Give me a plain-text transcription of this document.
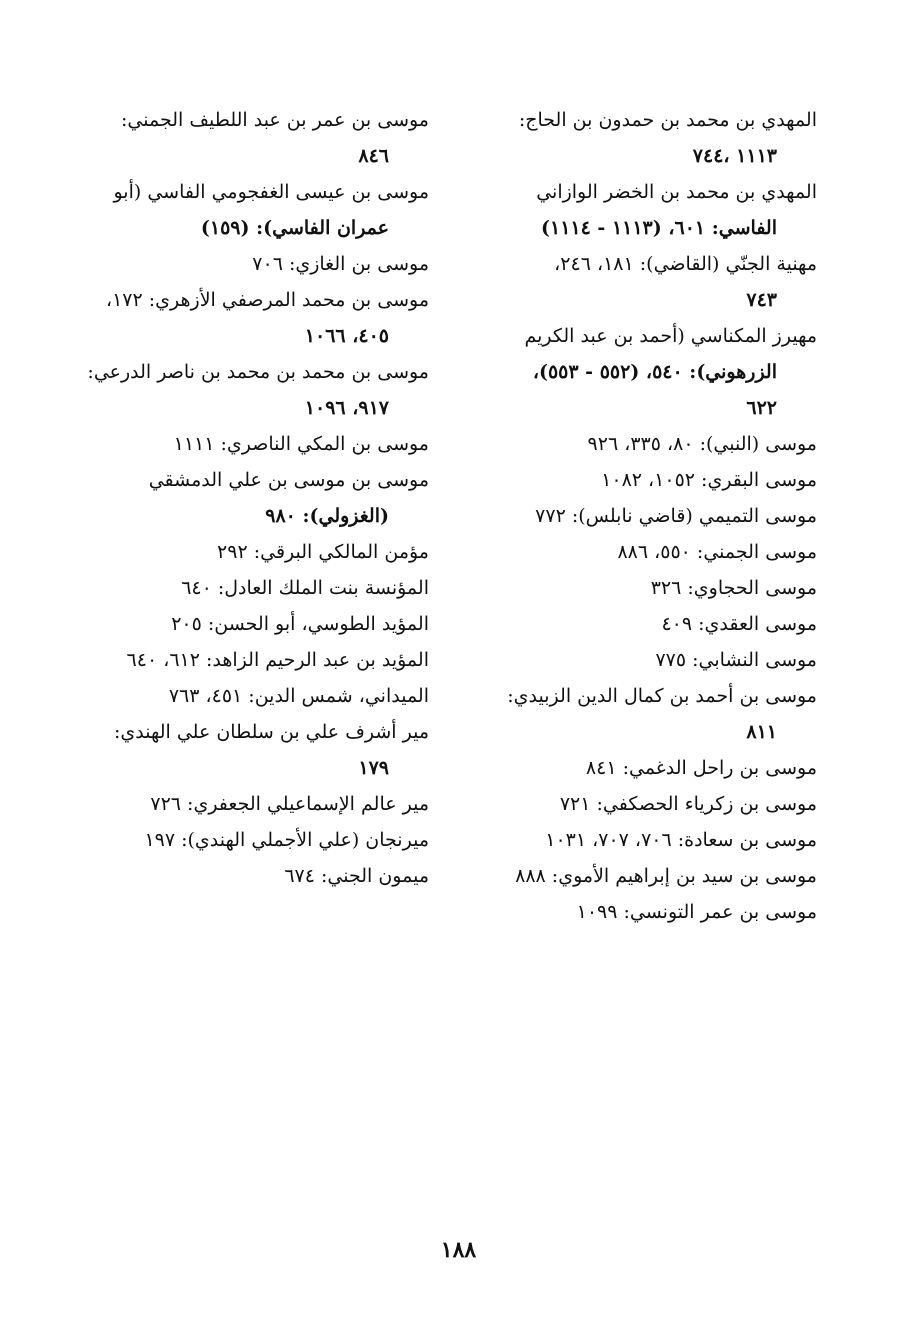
المهدي بن محمد بن حمدون بن الحاج:
١١١٣ ،٧٤٤
المهدي بن محمد بن الخضر الوازاني
الفاسي: ٦٠١، (١١١٣ - ١١١٤)
مهنية الجنّي (القاضي): ١٨١، ٢٤٦،
٧٤٣
مهيرز المكناسي (أحمد بن عبد الكريم
الزرهوني): ٥٤٠، (٥٥٢ - ٥٥٣)،
٦٢٢
موسى (النبي): ٨٠، ٣٣٥، ٩٢٦
موسى البقري: ١٠٥٢، ١٠٨٢
موسى التميمي (قاضي نابلس): ٧٧٢
موسى الجمني: ٥٥٠، ٨٨٦
موسى الحجاوي: ٣٢٦
موسى العقدي: ٤٠٩
موسى النشابي: ٧٧٥
موسى بن أحمد بن كمال الدين الزبيدي:
٨١١
موسى بن راحل الدغمي: ٨٤١
موسى بن زكرياء الحصكفي: ٧٢١
موسى بن سعادة: ٧٠٦، ٧٠٧، ١٠٣١
موسى بن سيد بن إبراهيم الأموي: ٨٨٨
موسى بن عمر التونسي: ١٠٩٩
موسى بن عمر بن عبد اللطيف الجمني:
٨٤٦
موسى بن عيسى الغفجومي الفاسي (أبو
عمران الفاسي): (١٥٩)
موسى بن الغازي: ٧٠٦
موسى بن محمد المرصفي الأزهري: ١٧٢،
٤٠٥، ١٠٦٦
موسى بن محمد بن محمد بن ناصر الدرعي:
٩١٧، ١٠٩٦
موسى بن المكي الناصري: ١١١١
موسى بن موسى بن علي الدمشقي
(الغزولي): ٩٨٠
مؤمن المالكي البرقي: ٢٩٢
المؤنسة بنت الملك العادل: ٦٤٠
المؤيد الطوسي، أبو الحسن: ٢٠٥
المؤيد بن عبد الرحيم الزاهد: ٦١٢، ٦٤٠
الميداني، شمس الدين: ٤٥١، ٧٦٣
مير أشرف علي بن سلطان علي الهندي:
١٧٩
مير عالم الإسماعيلي الجعفري: ٧٢٦
ميرنجان (علي الأجملي الهندي): ١٩٧
ميمون الجني: ٦٧٤
١٨٨
